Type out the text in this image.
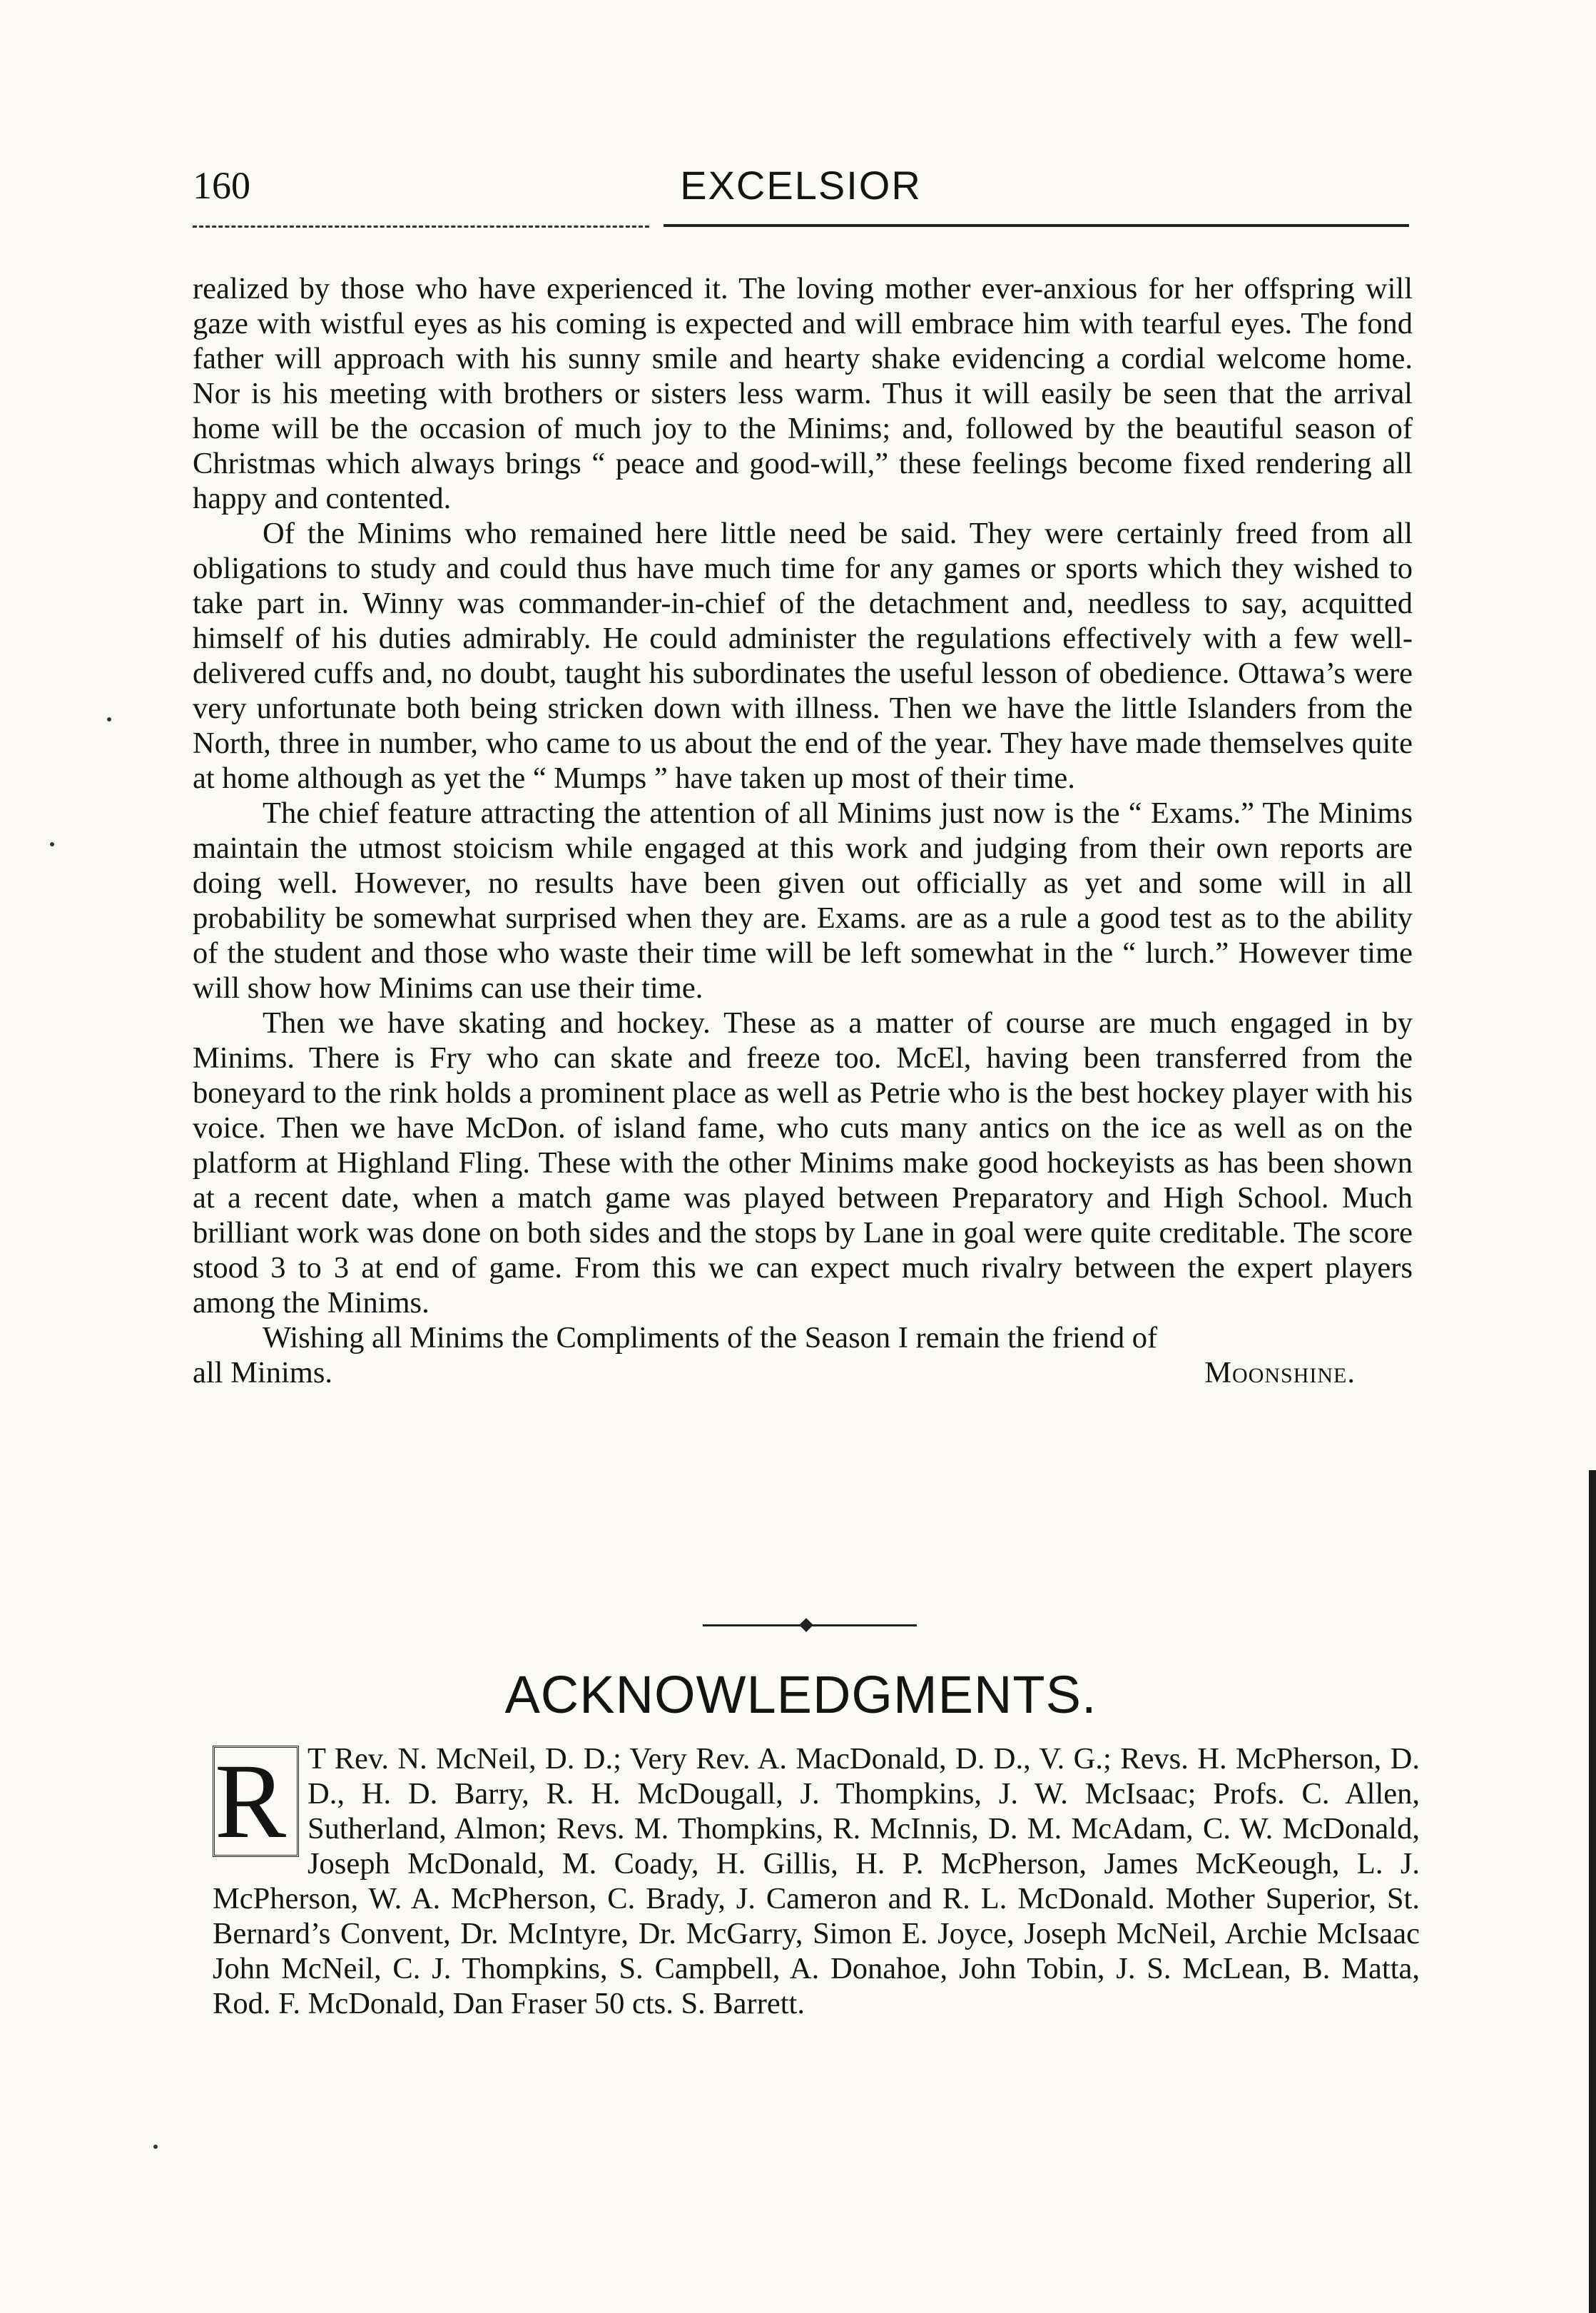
160	EXCELSIOR

realized by those who have experienced it. The loving mother ever-anxious for her offspring will gaze with wistful eyes as his coming is expected and will embrace him with tearful eyes. The fond father will approach with his sunny smile and hearty shake evidencing a cordial welcome home. Nor is his meeting with brothers or sisters less warm. Thus it will easily be seen that the arrival home will be the occasion of much joy to the Minims; and, followed by the beautiful season of Christmas which always brings “ peace and good-will,” these feelings become fixed rendering all happy and contented.

Of the Minims who remained here little need be said. They were certainly freed from all obligations to study and could thus have much time for any games or sports which they wished to take part in. Winny was commander-in-chief of the detachment and, needless to say, acquitted himself of his duties admirably. He could administer the regulations effectively with a few well-delivered cuffs and, no doubt, taught his subordinates the useful lesson of obedience. Ottawa’s were very unfortunate both being stricken down with illness. Then we have the little Islanders from the North, three in number, who came to us about the end of the year. They have made themselves quite at home although as yet the “ Mumps ” have taken up most of their time.

The chief feature attracting the attention of all Minims just now is the “ Exams.” The Minims maintain the utmost stoicism while engaged at this work and judging from their own reports are doing well. However, no results have been given out officially as yet and some will in all probability be somewhat surprised when they are. Exams. are as a rule a good test as to the ability of the student and those who waste their time will be left somewhat in the “ lurch.” However time will show how Minims can use their time.

Then we have skating and hockey. These as a matter of course are much engaged in by Minims. There is Fry who can skate and freeze too. McEl, having been transferred from the boneyard to the rink holds a prominent place as well as Petrie who is the best hockey player with his voice. Then we have McDon. of island fame, who cuts many antics on the ice as well as on the platform at Highland Fling. These with the other Minims make good hockeyists as has been shown at a recent date, when a match game was played between Preparatory and High School. Much brilliant work was done on both sides and the stops by Lane in goal were quite creditable. The score stood 3 to 3 at end of game. From this we can expect much rivalry between the expert players among the Minims.

Wishing all Minims the Compliments of the Season I remain the friend of

all Minims.	Moonshine.
ACKNOWLEDGMENTS.
R T Rev. N. McNeil, D. D.; Very Rev. A. MacDonald, D. D., V. G.; Revs. H. McPherson, D. D., H. D. Barry, R. H. McDougall, J. Thompkins, J. W. McIsaac; Profs. C. Allen, Sutherland, Almon; Revs. M. Thompkins, R. McInnis, D. M. McAdam, C. W. McDonald, Joseph McDonald, M. Coady, H. Gillis, H. P. McPherson, James McKeough, L. J. McPherson, W. A. McPherson, C. Brady, J. Cameron and R. L. McDonald. Mother Superior, St. Bernard’s Convent, Dr. McIntyre, Dr. McGarry, Simon E. Joyce, Joseph McNeil, Archie McIsaac John McNeil, C. J. Thompkins, S. Campbell, A. Donahoe, John Tobin, J. S. McLean, B. Matta, Rod. F. McDonald, Dan Fraser 50 cts. S. Barrett.
